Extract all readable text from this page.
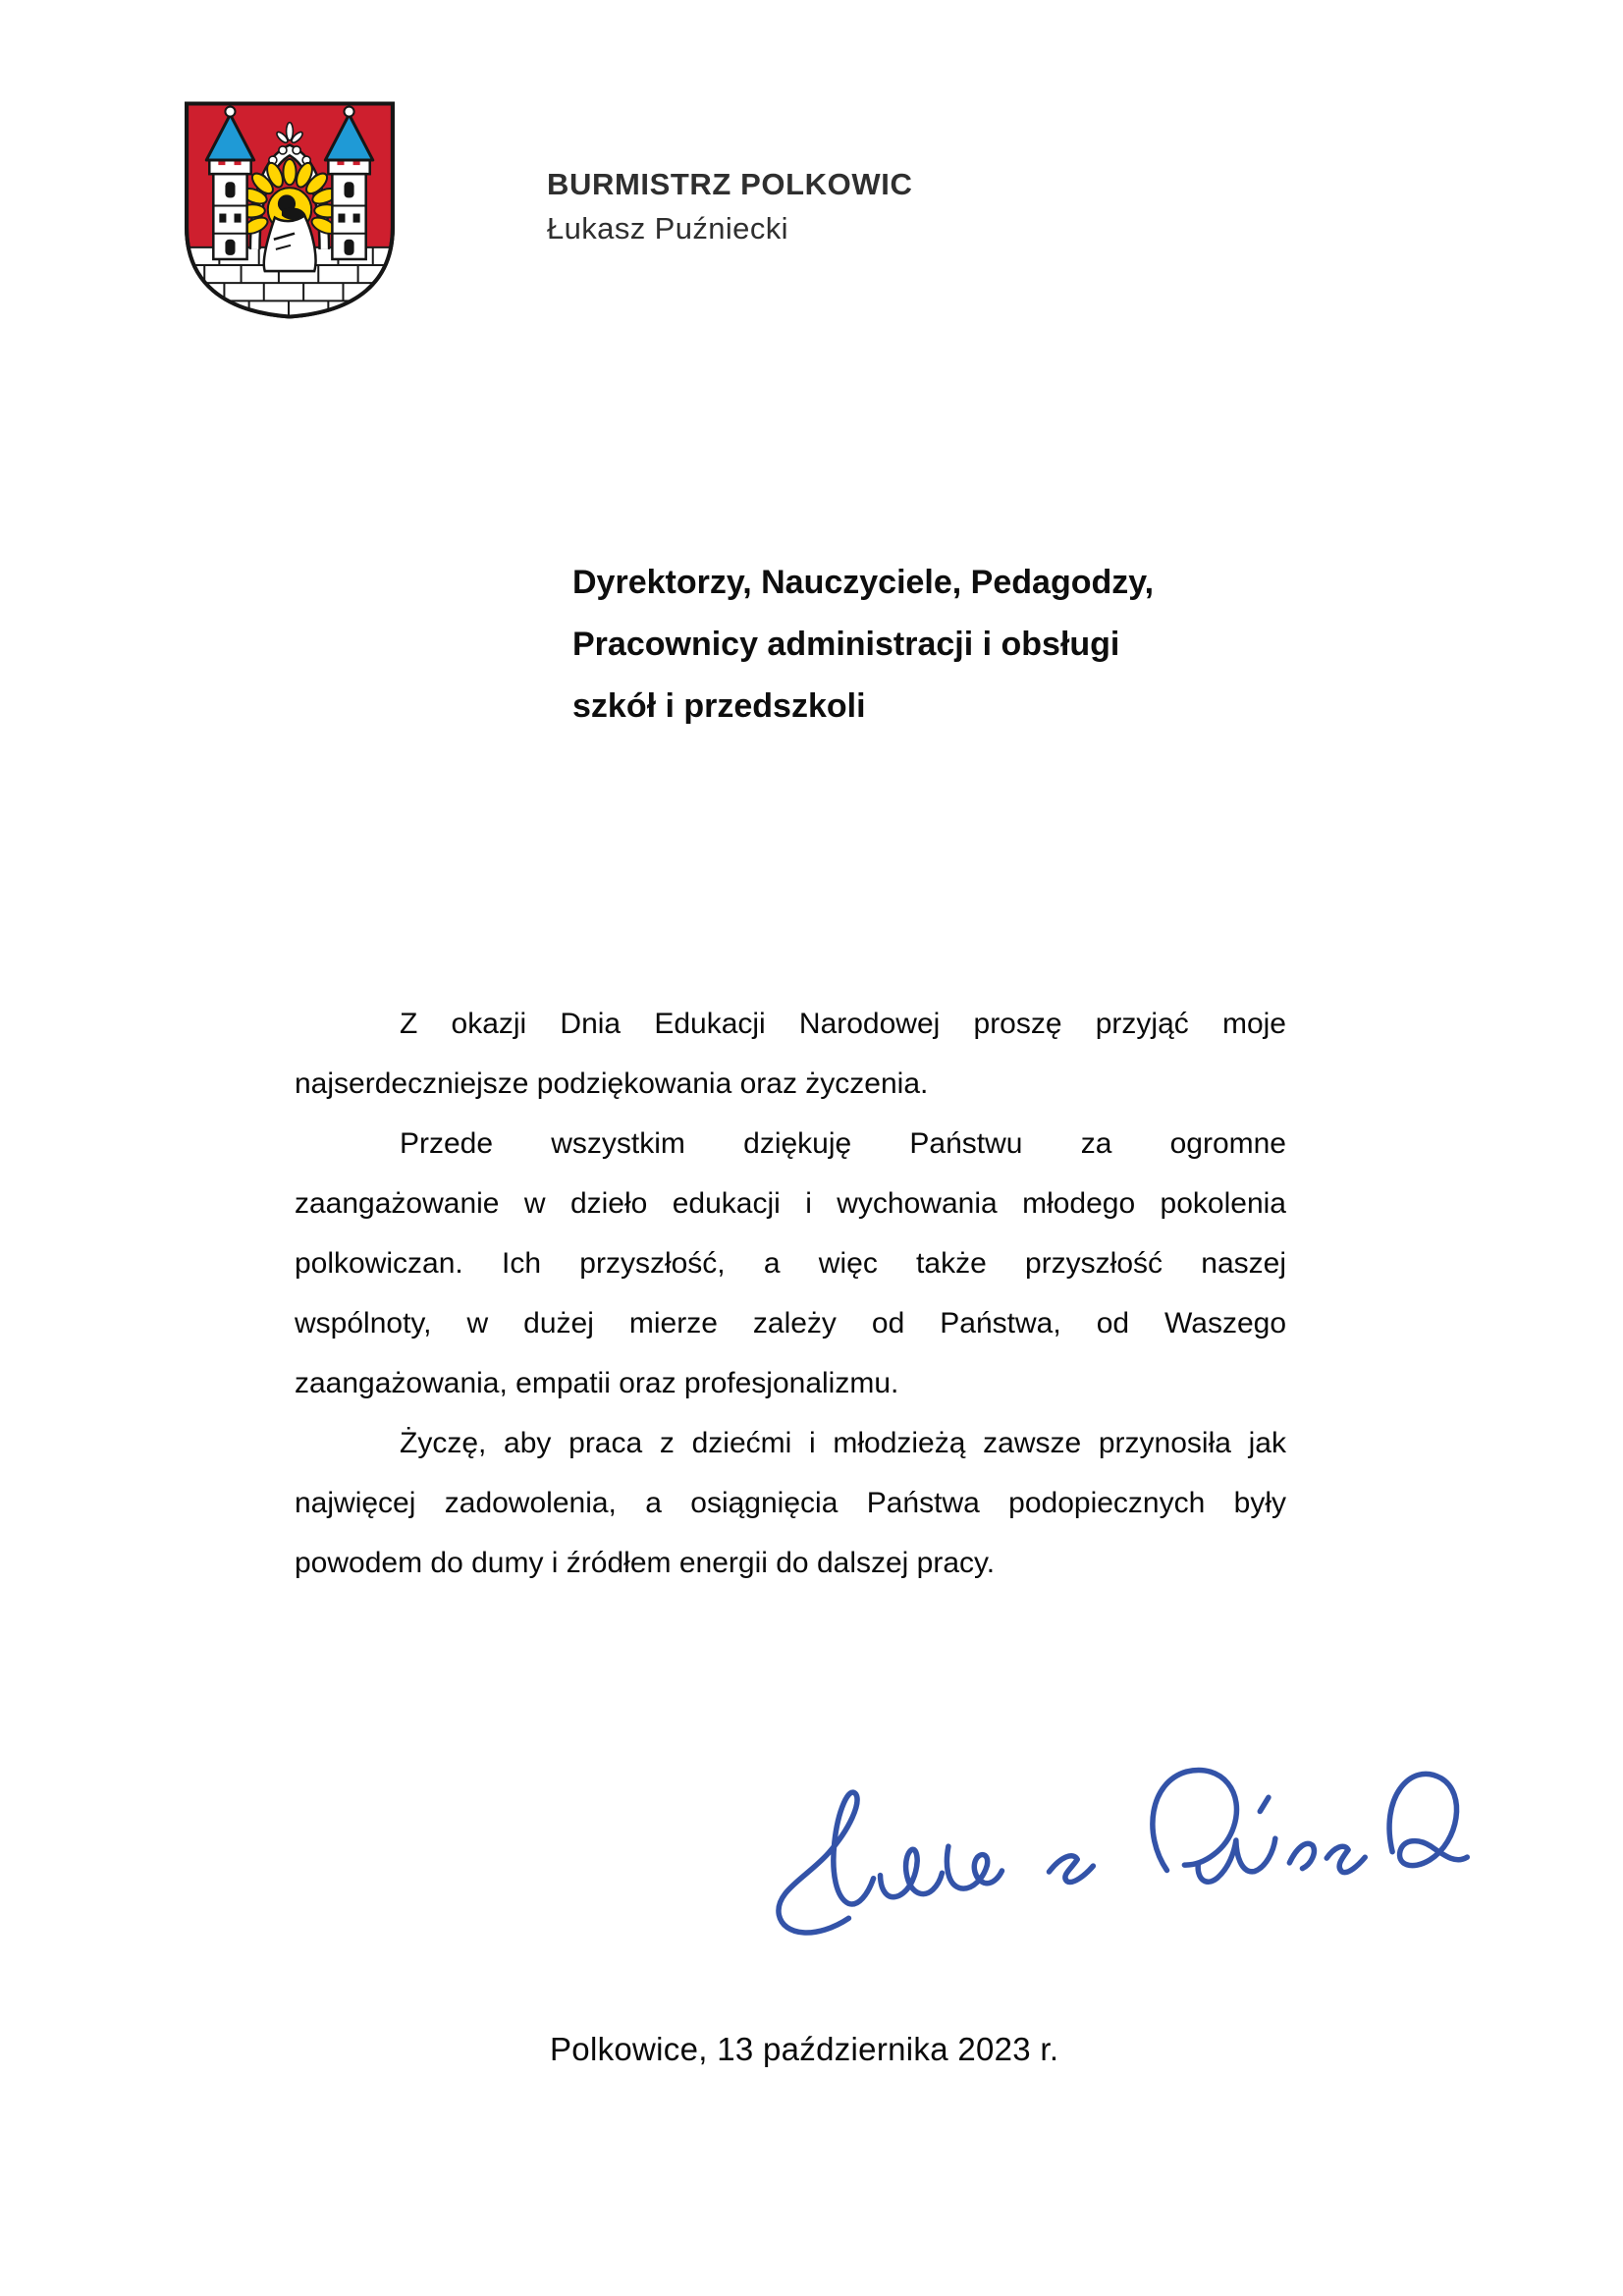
BURMISTRZ POLKOWIC
Łukasz Puźniecki
Dyrektorzy, Nauczyciele, Pedagodzy,
Pracownicy administracji i obsługi
szkół i przedszkoli
Z okazji Dnia Edukacji Narodowej proszę przyjąć moje
najserdeczniejsze podziękowania oraz życzenia.
Przede wszystkim dziękuję Państwu za ogromne
zaangażowanie w dzieło edukacji i wychowania młodego pokolenia
polkowiczan. Ich przyszłość, a więc także przyszłość naszej
wspólnoty, w dużej mierze zależy od Państwa, od Waszego
zaangażowania, empatii oraz profesjonalizmu.
Życzę, aby praca z dziećmi i młodzieżą zawsze przynosiła jak
najwięcej zadowolenia, a osiągnięcia Państwa podopiecznych były
powodem do dumy i źródłem energii do dalszej pracy.
Polkowice, 13 października 2023 r.
